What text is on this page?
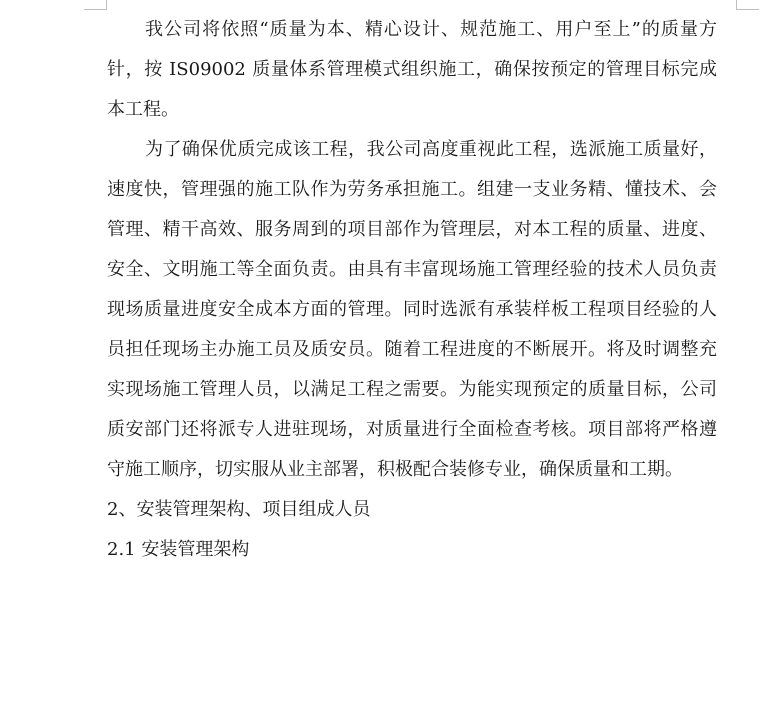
我公司将依照“质量为本、精心设计、规范施工、用户至上”的质量方针，按 IS09002 质量体系管理模式组织施工，确保按预定的管理目标完成本工程。

为了确保优质完成该工程，我公司高度重视此工程，选派施工质量好，速度快，管理强的施工队作为劳务承担施工。组建一支业务精、懂技术、会管理、精干高效、服务周到的项目部作为管理层，对本工程的质量、进度、安全、文明施工等全面负责。由具有丰富现场施工管理经验的技术人员负责现场质量进度安全成本方面的管理。同时选派有承装样板工程项目经验的人员担任现场主办施工员及质安员。随着工程进度的不断展开。将及时调整充实现场施工管理人员，以满足工程之需要。为能实现预定的质量目标，公司质安部门还将派专人进驻现场，对质量进行全面检查考核。项目部将严格遵守施工顺序，切实服从业主部署，积极配合装修专业，确保质量和工期。

2、安装管理架构、项目组成人员

2.1 安装管理架构
